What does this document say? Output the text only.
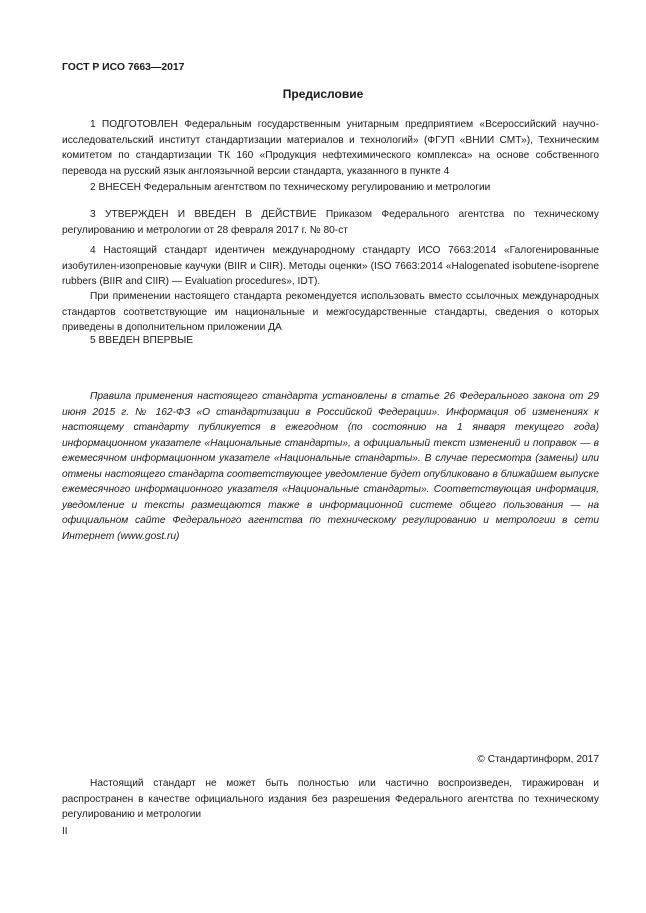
ГОСТ Р ИСО 7663—2017
Предисловие

1 ПОДГОТОВЛЕН Федеральным государственным унитарным предприятием «Всероссийский научно-исследовательский институт стандартизации материалов и технологий» (ФГУП «ВНИИ СМТ»), Техническим комитетом по стандартизации ТК 160 «Продукция нефтехимического комплекса» на основе собственного перевода на русский язык англоязычной версии стандарта, указанного в пункте 4

2 ВНЕСЕН Федеральным агентством по техническому регулированию и метрологии

3 УТВЕРЖДЕН И ВВЕДЕН В ДЕЙСТВИЕ Приказом Федерального агентства по техническому регулированию и метрологии от 28 февраля 2017 г. № 80-ст

4 Настоящий стандарт идентичен международному стандарту ИСО 7663:2014 «Галогенированные изобутилен-изопреновые каучуки (BIIR и CIIR). Методы оценки» (ISO 7663:2014 «Halogenated isobutene-isoprene rubbers (BIIR and CIIR) — Evaluation procedures», IDT).

При применении настоящего стандарта рекомендуется использовать вместо ссылочных международных стандартов соответствующие им национальные и межгосударственные стандарты, сведения о которых приведены в дополнительном приложении ДА

5 ВВЕДЕН ВПЕРВЫЕ

Правила применения настоящего стандарта установлены в статье 26 Федерального закона от 29 июня 2015 г. № 162-ФЗ «О стандартизации в Российской Федерации». Информация об изменениях к настоящему стандарту публикуется в ежегодном (по состоянию на 1 января текущего года) информационном указателе «Национальные стандарты», а официальный текст изменений и поправок — в ежемесячном информационном указателе «Национальные стандарты». В случае пересмотра (замены) или отмены настоящего стандарта соответствующее уведомление будет опубликовано в ближайшем выпуске ежемесячного информационного указателя «Национальные стандарты». Соответствующая информация, уведомление и тексты размещаются также в информационной системе общего пользования — на официальном сайте Федерального агентства по техническому регулированию и метрологии в сети Интернет (www.gost.ru)

© Стандартинформ, 2017

Настоящий стандарт не может быть полностью или частично воспроизведен, тиражирован и распространен в качестве официального издания без разрешения Федерального агентства по техническому регулированию и метрологии

II
